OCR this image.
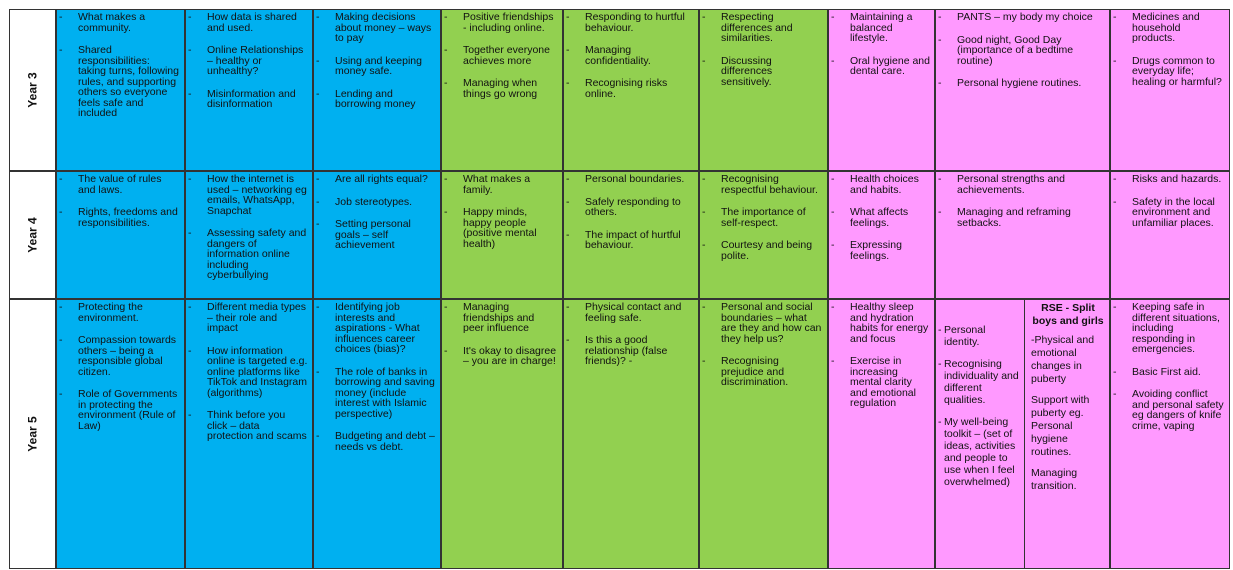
Year 3
Year 4
Year 5
- What makes a community.
- Shared responsibilities: taking turns, following rules, and supporting others so everyone feels safe and included
- The value of rules and laws.
- Rights, freedoms and responsibilities.
- Protecting the environment.
- Compassion towards others – being a responsible global citizen.
- Role of Governments in protecting the environment (Rule of Law)
- How data is shared and used.
- Online Relationships – healthy or unhealthy?
- Misinformation and disinformation
- How the internet is used – networking eg emails, WhatsApp, Snapchat
- Assessing safety and dangers of information online including cyberbullying
- Different media types – their role and impact
- How information online is targeted e.g. online platforms like TikTok and Instagram (algorithms)
- Think before you click – data protection and scams
- Making decisions about money – ways to pay
- Using and keeping money safe.
- Lending and borrowing money
- Are all rights equal?
- Job stereotypes.
- Setting personal goals – self achievement
- Identifying job interests and aspirations - What influences career choices (bias)?
- The role of banks in borrowing and saving money (include interest with Islamic perspective)
- Budgeting and debt – needs vs debt.
- Positive friendships - including online.
- Together everyone achieves more
- Managing when things go wrong
- What makes a family.
- Happy minds, happy people (positive mental health)
- Managing friendships and peer influence
- It's okay to disagree – you are in charge!
- Responding to hurtful behaviour.
- Managing confidentiality.
- Recognising risks online.
- Personal boundaries.
- Safely responding to others.
- The impact of hurtful behaviour.
- Physical contact and feeling safe.
- Is this a good relationship (false friends)? -
- Respecting differences and similarities.
- Discussing differences sensitively.
- Recognising respectful behaviour.
- The importance of self-respect.
- Courtesy and being polite.
- Personal and social boundaries – what are they and how can they help us?
- Recognising prejudice and discrimination.
- Maintaining a balanced lifestyle.
- Oral hygiene and dental care.
- Health choices and habits.
- What affects feelings.
- Expressing feelings.
- Healthy sleep and hydration habits for energy and focus
- Exercise in increasing mental clarity and emotional regulation
- PANTS – my body my choice
- Good night, Good Day (importance of a bedtime routine)
- Personal hygiene routines.
- Personal strengths and achievements.
- Managing and reframing setbacks.
- Personal identity.
- Recognising individuality and different qualities.
- My well-being toolkit – (set of ideas, activities and people to use when I feel overwhelmed)
RSE - Split boys and girls
-Physical and emotional changes in puberty
Support with puberty eg. Personal hygiene routines.
Managing transition.
- Medicines and household products.
- Drugs common to everyday life; healing or harmful?
- Risks and hazards.
- Safety in the local environment and unfamiliar places.
- Keeping safe in different situations, including responding in emergencies.
- Basic First aid.
- Avoiding conflict and personal safety eg dangers of knife crime, vaping
